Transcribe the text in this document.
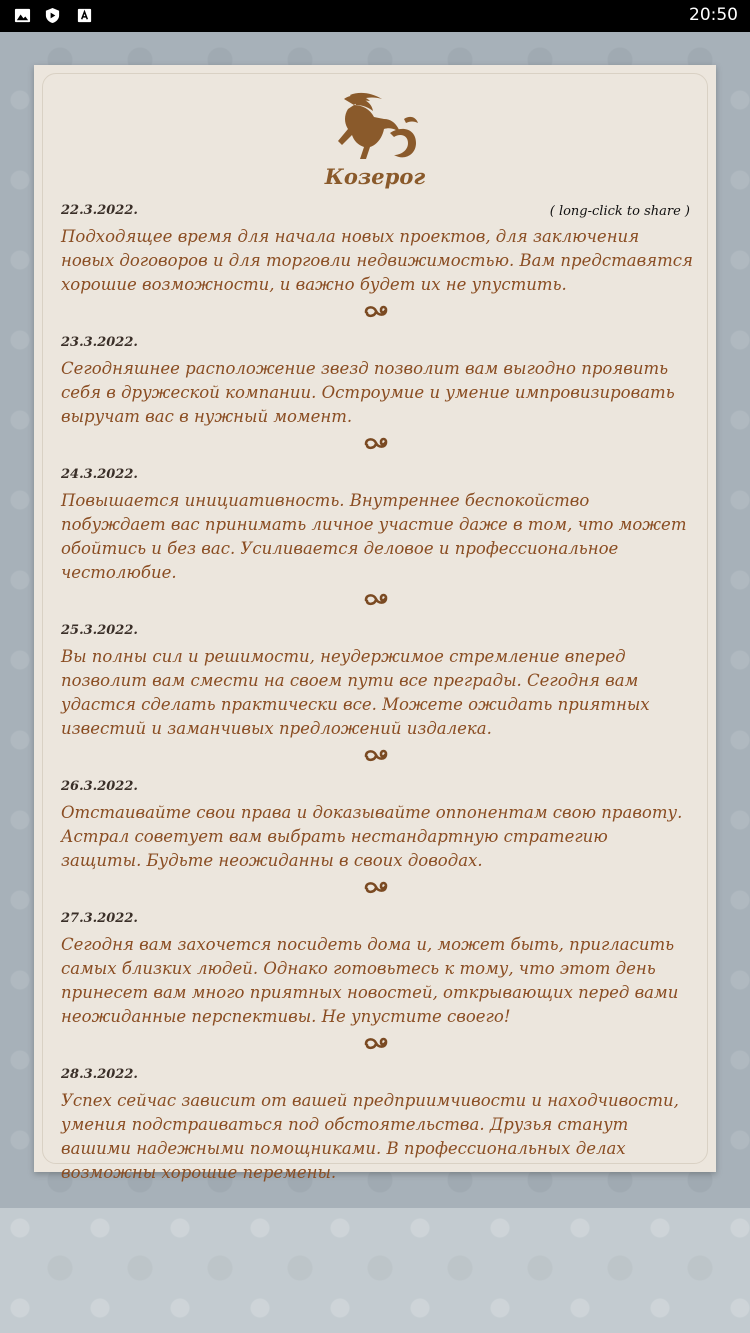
20:50
Козерог
( long-click to share )
22.3.2022.
Подходящее время для начала новых проектов, для заключения новых договоров и для торговли недвижимостью. Вам представятся хорошие возможности, и важно будет их не упустить.
23.3.2022.
Сегодняшнее расположение звезд позволит вам выгодно проявить себя в дружеской компании. Остроумие и умение импровизировать выручат вас в нужный момент.
24.3.2022.
Повышается инициативность. Внутреннее беспокойство побуждает вас принимать личное участие даже в том, что может обойтись и без вас. Усиливается деловое и профессиональное честолюбие.
25.3.2022.
Вы полны сил и решимости, неудержимое стремление вперед позволит вам смести на своем пути все преграды. Сегодня вам удастся сделать практически все. Можете ожидать приятных известий и заманчивых предложений издалека.
26.3.2022.
Отстаивайте свои права и доказывайте оппонентам свою правоту. Астрал советует вам выбрать нестандартную стратегию защиты. Будьте неожиданны в своих доводах.
27.3.2022.
Сегодня вам захочется посидеть дома и, может быть, пригласить самых близких людей. Однако готовьтесь к тому, что этот день принесет вам много приятных новостей, открывающих перед вами неожиданные перспективы. Не упустите своего!
28.3.2022.
Успех сейчас зависит от вашей предприимчивости и находчивости, умения подстраиваться под обстоятельства. Друзья станут вашими надежными помощниками. В профессиональных делах возможны хорошие перемены.
